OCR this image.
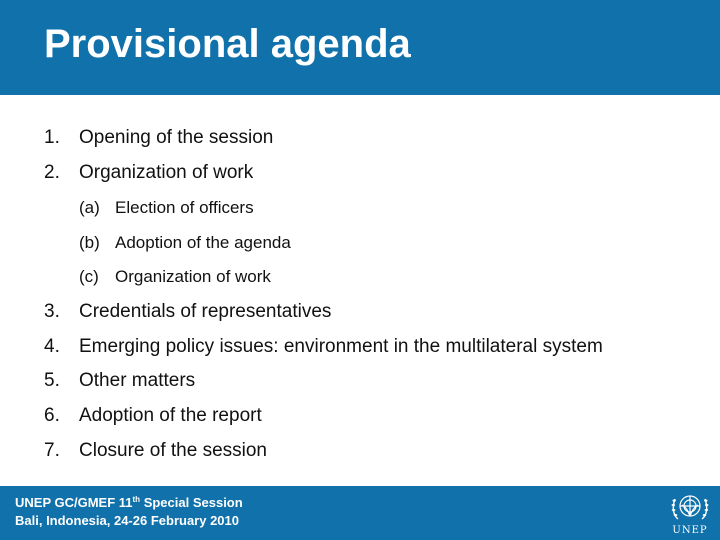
Provisional agenda
1. Opening of the session
2. Organization of work
(a) Election of officers
(b) Adoption of the agenda
(c) Organization of work
3. Credentials of representatives
4. Emerging policy issues: environment in the multilateral system
5. Other matters
6. Adoption of the report
7. Closure of the session
UNEP GC/GMEF 11th Special Session
Bali, Indonesia, 24-26 February 2010
UNEP
